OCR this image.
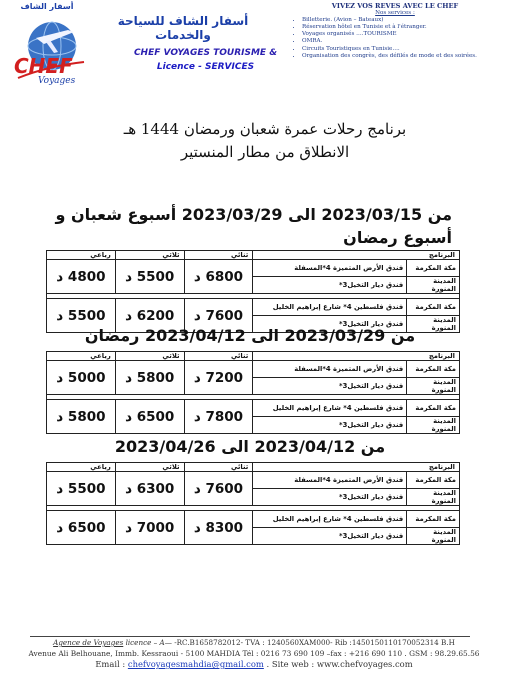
أسفار الشاف
CHEF
Voyages
أسفار الشاف للسياحة والخدمات
CHEF VOYAGES TOURISME &
Licence - SERVICES
VIVEZ VOS REVES AVEC LE CHEF
Nos services :
• Billetterie. (Avion – Bateaux)
• Réservation hôtel en Tunisie et à l'étranger.
• Voyages organisés ….TOURISME
• OMRA.
• Circuits Touristiques en Tunisie….
• Organisation des congrès, des défilés de mode et des soirées.
برنامج رحلات عمرة شعبان ورمضان 1444 هـ
الانطلاق من مطار المنستير
من 2023/03/15 الى 2023/03/29 أسبوع شعبان و أسبوع رمضان
البرنامج		ثنائي	ثلاثي	رباعي
مكة المكرمة	فندق الأرض المتميزة 4*المسفلة	6800 د	5500 د	4800 د
المدينة المنورة	فندق ديار التخيل3*			

مكة المكرمة	فندق فلسطين 4* شارع إبراهيم الخليل	7600 د	6200 د	5500 د
المدينة المنورة	فندق ديار التخيل3*			
من 2023/03/29 الى 2023/04/12 رمضان
البرنامج		ثنائي	ثلاثي	رباعي
مكة المكرمة	فندق الأرض المتميزة 4*المسفلة	7200 د	5800 د	5000 د
المدينة المنورة	فندق ديار التخيل3*			

مكة المكرمة	فندق فلسطين 4* شارع إبراهيم الخليل	7800 د	6500 د	5800 د
المدينة المنورة	فندق ديار التخيل3*			
من 2023/04/12 الى 2023/04/26
البرنامج		ثنائي	ثلاثي	رباعي
مكة المكرمة	فندق الأرض المتميزة 4*المسفلة	7600 د	6300 د	5500 د
المدينة المنورة	فندق ديار التخيل3*			

مكة المكرمة	فندق فلسطين 4* شارع إبراهيم الخليل	8300 د	7000 د	6500 د
المدينة المنورة	فندق ديار التخيل3*			
Agence de Voyages licence – A— -RC.B1658782012- TVA : 1240560XAM000- Rib :1450150110170052314 B.H
Avenue Ali Belhouane, Immb. Kessraoui - 5100 MAHDIA Tél : 0216 73 690 109 –fax : +216 690 110 . GSM : 98.29.65.56
Email : chefvoyagesmahdia@gmail.com . Site web : www.chefvoyages.com
